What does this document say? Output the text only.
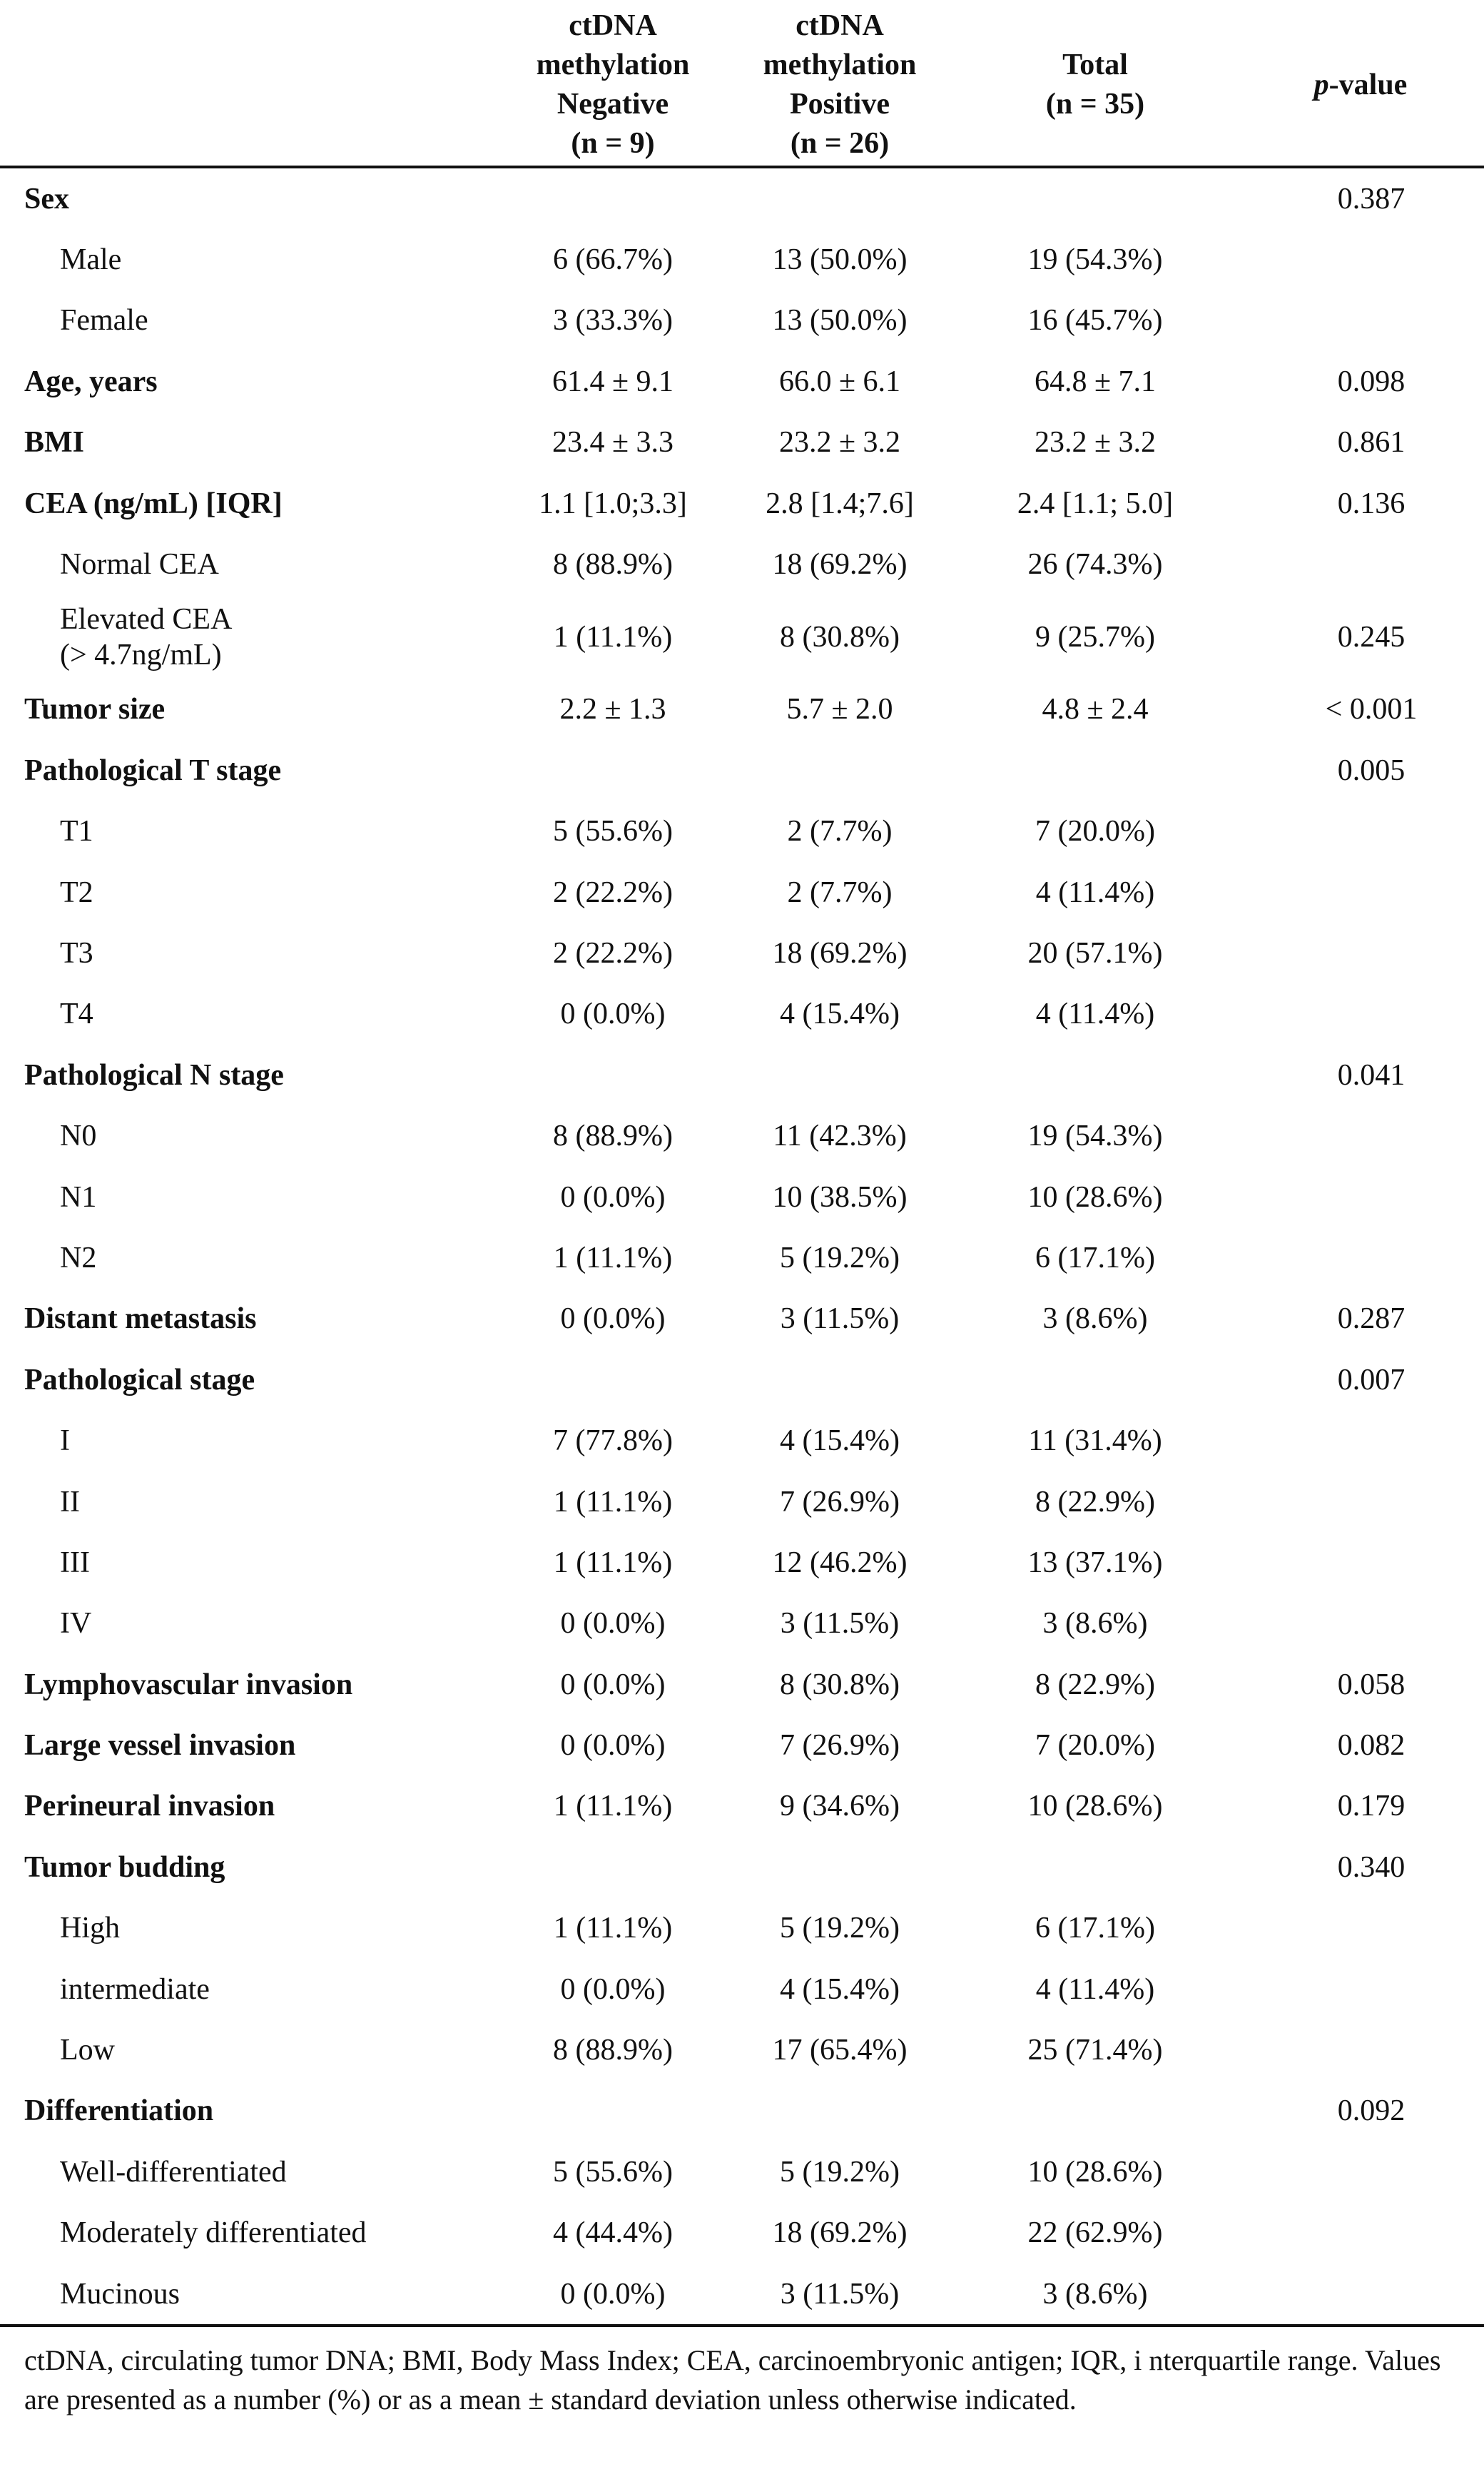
	ctDNA
methylation
Negative
(n = 9)	ctDNA
methylation
Positive
(n = 26)	Total
(n = 35)	p-value
Sex				0.387
Male	6 (66.7%)	13 (50.0%)	19 (54.3%)	
Female	3 (33.3%)	13 (50.0%)	16 (45.7%)	
Age, years	61.4 ± 9.1	66.0 ± 6.1	64.8 ± 7.1	0.098
BMI	23.4 ± 3.3	23.2 ± 3.2	23.2 ± 3.2	0.861
CEA (ng/mL) [IQR]	1.1 [1.0;3.3]	2.8 [1.4;7.6]	2.4 [1.1; 5.0]	0.136
Normal CEA	8 (88.9%)	18 (69.2%)	26 (74.3%)	

Elevated CEA
(> 4.7ng/mL)	1 (11.1%)	8 (30.8%)	9 (25.7%)	0.245
Tumor size	2.2 ± 1.3	5.7 ± 2.0	4.8 ± 2.4	< 0.001
Pathological T stage				0.005
T1	5 (55.6%)	2 (7.7%)	7 (20.0%)	
T2	2 (22.2%)	2 (7.7%)	4 (11.4%)	
T3	2 (22.2%)	18 (69.2%)	20 (57.1%)	
T4	0 (0.0%)	4 (15.4%)	4 (11.4%)	
Pathological N stage				0.041
N0	8 (88.9%)	11 (42.3%)	19 (54.3%)	
N1	0 (0.0%)	10 (38.5%)	10 (28.6%)	
N2	1 (11.1%)	5 (19.2%)	6 (17.1%)	
Distant metastasis	0 (0.0%)	3 (11.5%)	3 (8.6%)	0.287
Pathological stage				0.007
I	7 (77.8%)	4 (15.4%)	11 (31.4%)	
II	1 (11.1%)	7 (26.9%)	8 (22.9%)	
III	1 (11.1%)	12 (46.2%)	13 (37.1%)	
IV	0 (0.0%)	3 (11.5%)	3 (8.6%)	
Lymphovascular invasion	0 (0.0%)	8 (30.8%)	8 (22.9%)	0.058
Large vessel invasion	0 (0.0%)	7 (26.9%)	7 (20.0%)	0.082
Perineural invasion	1 (11.1%)	9 (34.6%)	10 (28.6%)	0.179
Tumor budding				0.340
High	1 (11.1%)	5 (19.2%)	6 (17.1%)	
intermediate	0 (0.0%)	4 (15.4%)	4 (11.4%)	
Low	8 (88.9%)	17 (65.4%)	25 (71.4%)	
Differentiation				0.092
Well-differentiated	5 (55.6%)	5 (19.2%)	10 (28.6%)	
Moderately differentiated	4 (44.4%)	18 (69.2%)	22 (62.9%)	
Mucinous	0 (0.0%)	3 (11.5%)	3 (8.6%)	
ctDNA, circulating tumor DNA; BMI, Body Mass Index; CEA, carcinoembryonic antigen; IQR, i nterquartile range. Values are presented as a number (%) or as a mean ± standard deviation unless otherwise indicated.
